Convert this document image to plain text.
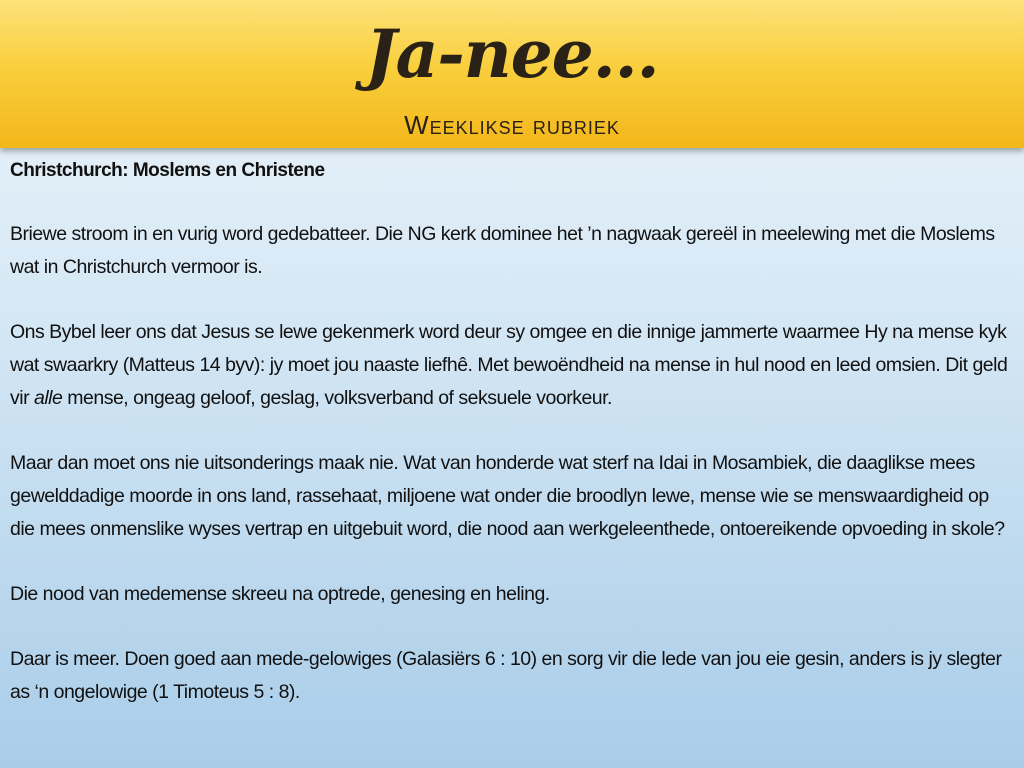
Ja-nee...
Weeklikse rubriek
Christchurch: Moslems en Christene

Briewe stroom in en vurig word gedebatteer. Die NG kerk dominee het ’n nagwaak gereël in meelewing met die Moslems wat in Christchurch vermoor is.

Ons Bybel leer ons dat Jesus se lewe gekenmerk word deur sy omgee en die innige jammerte waarmee Hy na mense kyk wat swaarkry (Matteus 14 byv): jy moet jou naaste liefhê. Met bewoëndheid na mense in hul nood en leed omsien. Dit geld vir alle mense, ongeag geloof, geslag, volksverband of seksuele voorkeur.

Maar dan moet ons nie uitsonderings maak nie. Wat van honderde wat sterf na Idai in Mosambiek, die daaglikse mees gewelddadige moorde in ons land, rassehaat, miljoene wat onder die broodlyn lewe, mense wie se menswaardigheid op die mees onmenslike wyses vertrap en uitgebuit word, die nood aan werkgeleenthede, ontoereikende opvoeding in skole?

Die nood van medemense skreeu na optrede, genesing en heling.

Daar is meer. Doen goed aan mede-gelowiges (Galasiërs 6 : 10) en sorg vir die lede van jou eie gesin, anders is jy slegter as ‘n ongelowige (1 Timoteus 5 : 8).
